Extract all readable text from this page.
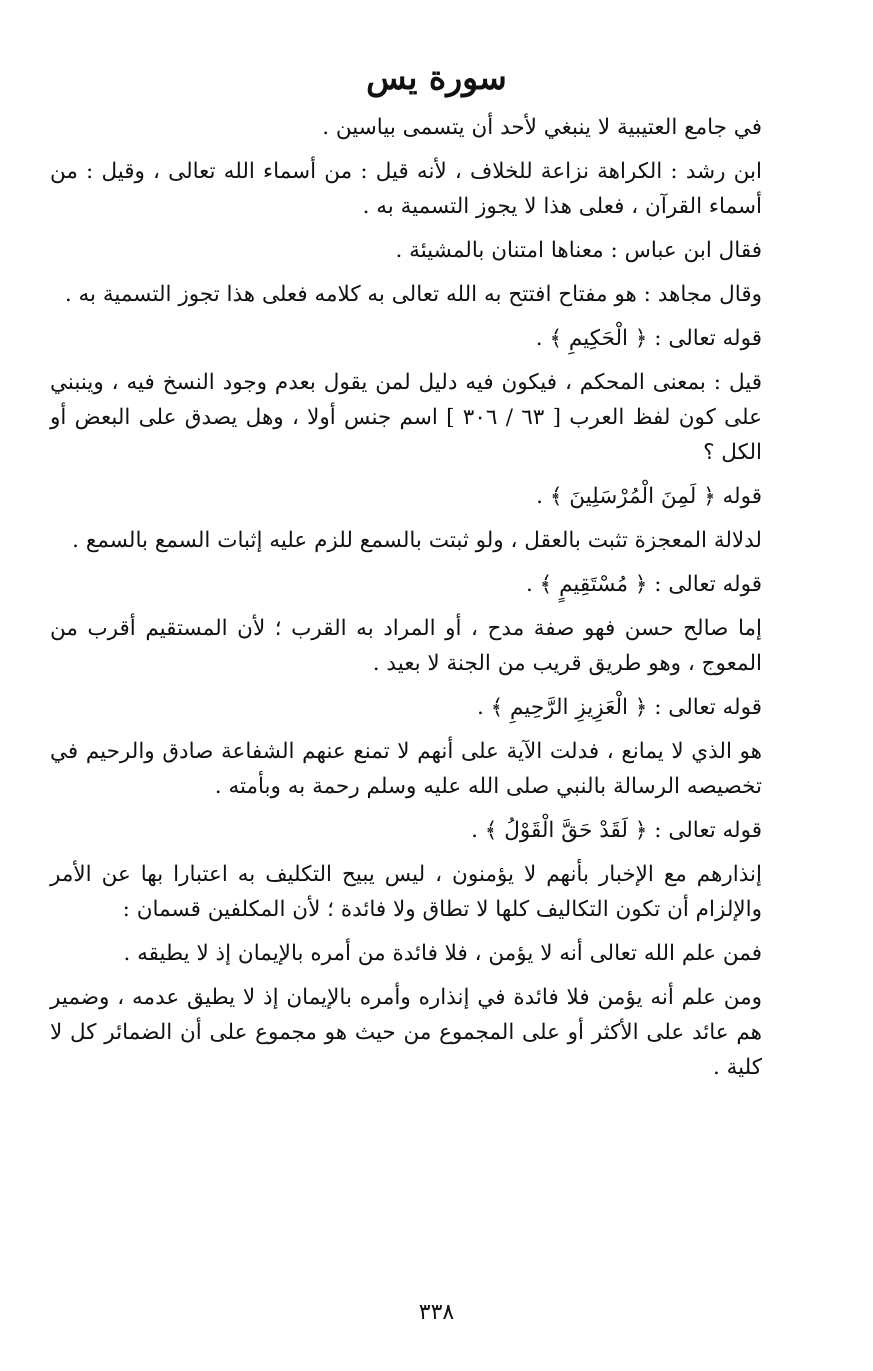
سورة يس

في جامع العتيبية لا ينبغي لأحد أن يتسمى بياسين .

ابن رشد : الكراهة نزاعة للخلاف ، لأنه قيل : من أسماء الله تعالى ، وقيل : من أسماء القرآن ، فعلى هذا لا يجوز التسمية به .

فقال ابن عباس : معناها امتنان بالمشيئة .

وقال مجاهد : هو مفتاح افتتح به الله تعالى به كلامه فعلى هذا تجوز التسمية به .

قوله تعالى : ﴿ الْحَكِيمِ ﴾ .

قيل : بمعنى المحكم ، فيكون فيه دليل لمن يقول بعدم وجود النسخ فيه ، وينبني على كون لفظ العرب [ ٦٣ / ٣٠٦ ] اسم جنس أولا ، وهل يصدق على البعض أو الكل ؟

قوله ﴿ لَمِنَ الْمُرْسَلِينَ ﴾ .

لدلالة المعجزة تثبت بالعقل ، ولو ثبتت بالسمع للزم عليه إثبات السمع بالسمع .

قوله تعالى : ﴿ مُسْتَقِيمٍ ﴾ .

إما صالح حسن فهو صفة مدح ، أو المراد به القرب ؛ لأن المستقيم أقرب من المعوج ، وهو طريق قريب من الجنة لا بعيد .

قوله تعالى : ﴿ الْعَزِيزِ الرَّحِيمِ ﴾ .

هو الذي لا يمانع ، فدلت الآية على أنهم لا تمنع عنهم الشفاعة صادق والرحيم في تخصيصه الرسالة بالنبي صلى الله عليه وسلم رحمة به وبأمته .

قوله تعالى : ﴿ لَقَدْ حَقَّ الْقَوْلُ ﴾ .

إنذارهم مع الإخبار بأنهم لا يؤمنون ، ليس يبيح التكليف به اعتبارا بها عن الأمر والإلزام أن تكون التكاليف كلها لا تطاق ولا فائدة ؛ لأن المكلفين قسمان :

فمن علم الله تعالى أنه لا يؤمن ، فلا فائدة من أمره بالإيمان إذ لا يطيقه .

ومن علم أنه يؤمن فلا فائدة في إنذاره وأمره بالإيمان إذ لا يطيق عدمه ، وضمير هم عائد على الأكثر أو على المجموع من حيث هو مجموع على أن الضمائر كل لا كلية .

٣٣٨
